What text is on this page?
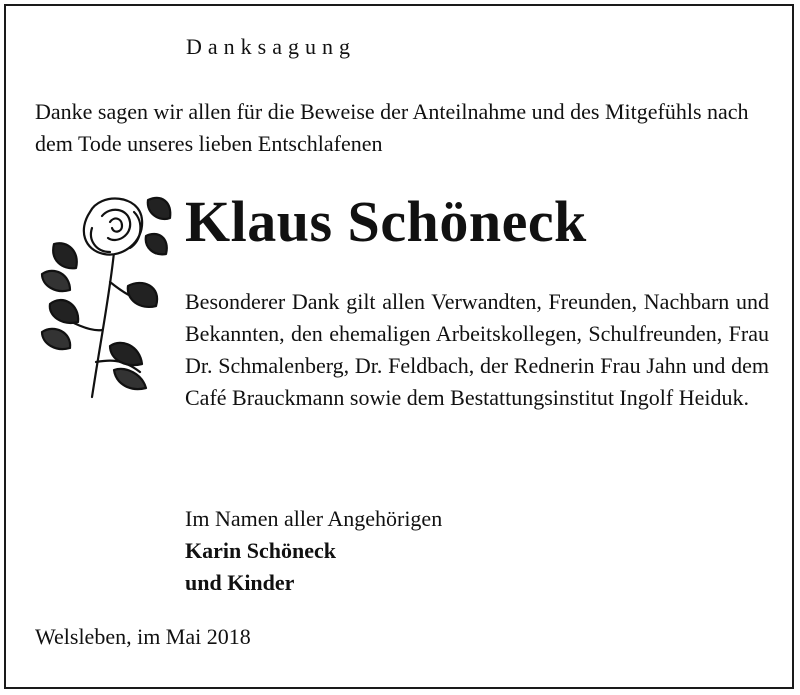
Danksagung

Danke sagen wir allen für die Beweise der Anteilnahme und des Mitgefühls nach dem Tode unseres lieben Entschlafenen

Klaus Schöneck

Besonderer Dank gilt allen Verwandten, Freunden, Nachbarn und Bekannten, den ehemaligen Arbeitskollegen, Schulfreunden, Frau Dr. Schmalenberg, Dr. Feldbach, der Rednerin Frau Jahn und dem Café Brauckmann sowie dem Bestattungsinstitut Ingolf Heiduk.

Im Namen aller Angehörigen
Karin Schöneck
und Kinder

Welsleben, im Mai 2018
